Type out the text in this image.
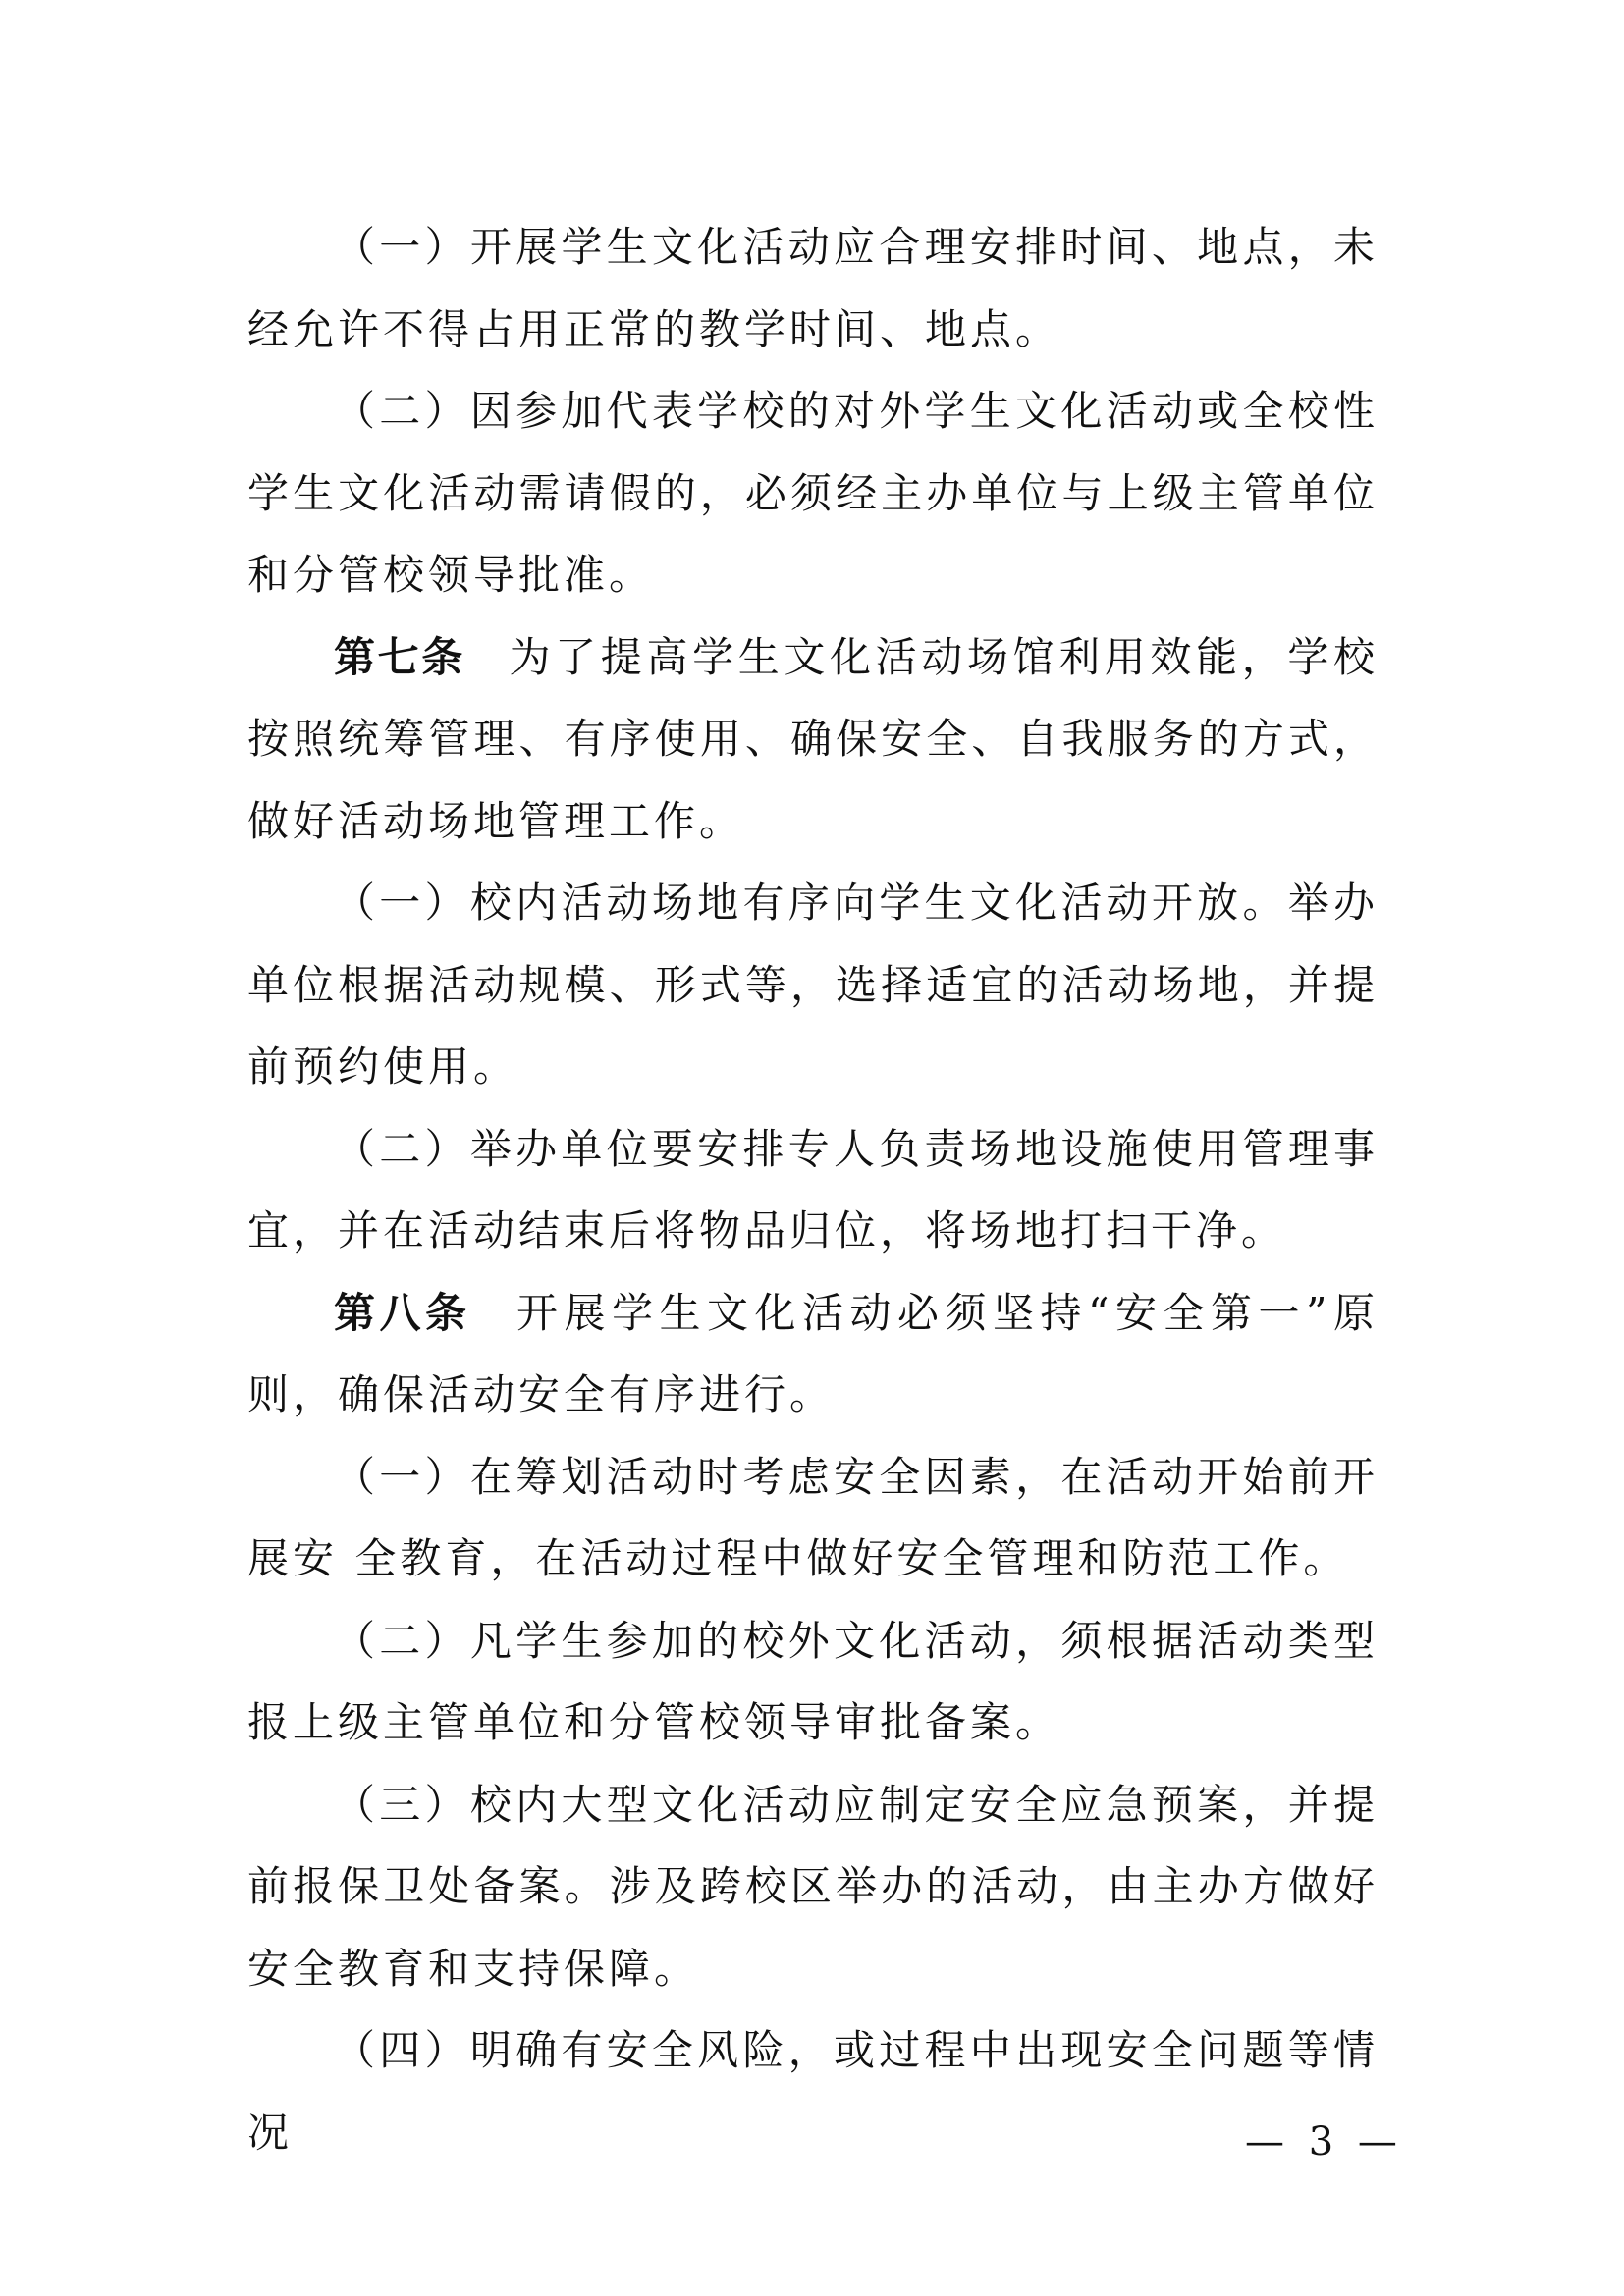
（一）开展学生文化活动应合理安排时间、地点，未经允许不得占用正常的教学时间、地点。

（二）因参加代表学校的对外学生文化活动或全校性学生文化活动需请假的，必须经主办单位与上级主管单位和分管校领导批准。

第七条 为了提高学生文化活动场馆利用效能，学校按照统筹管理、有序使用、确保安全、自我服务的方式，做好活动场地管理工作。

（一）校内活动场地有序向学生文化活动开放。举办单位根据活动规模、形式等，选择适宜的活动场地，并提前预约使用。

（二）举办单位要安排专人负责场地设施使用管理事宜，并在活动结束后将物品归位，将场地打扫干净。

第八条 开展学生文化活动必须坚持“安全第一”原则，确保活动安全有序进行。

（一）在筹划活动时考虑安全因素，在活动开始前开展安 全教育，在活动过程中做好安全管理和防范工作。

（二）凡学生参加的校外文化活动，须根据活动类型报上级主管单位和分管校领导审批备案。

（三）校内大型文化活动应制定安全应急预案，并提前报保卫处备案。涉及跨校区举办的活动，由主办方做好安全教育和支持保障。

（四）明确有安全风险，或过程中出现安全问题等情况	— 3 —
